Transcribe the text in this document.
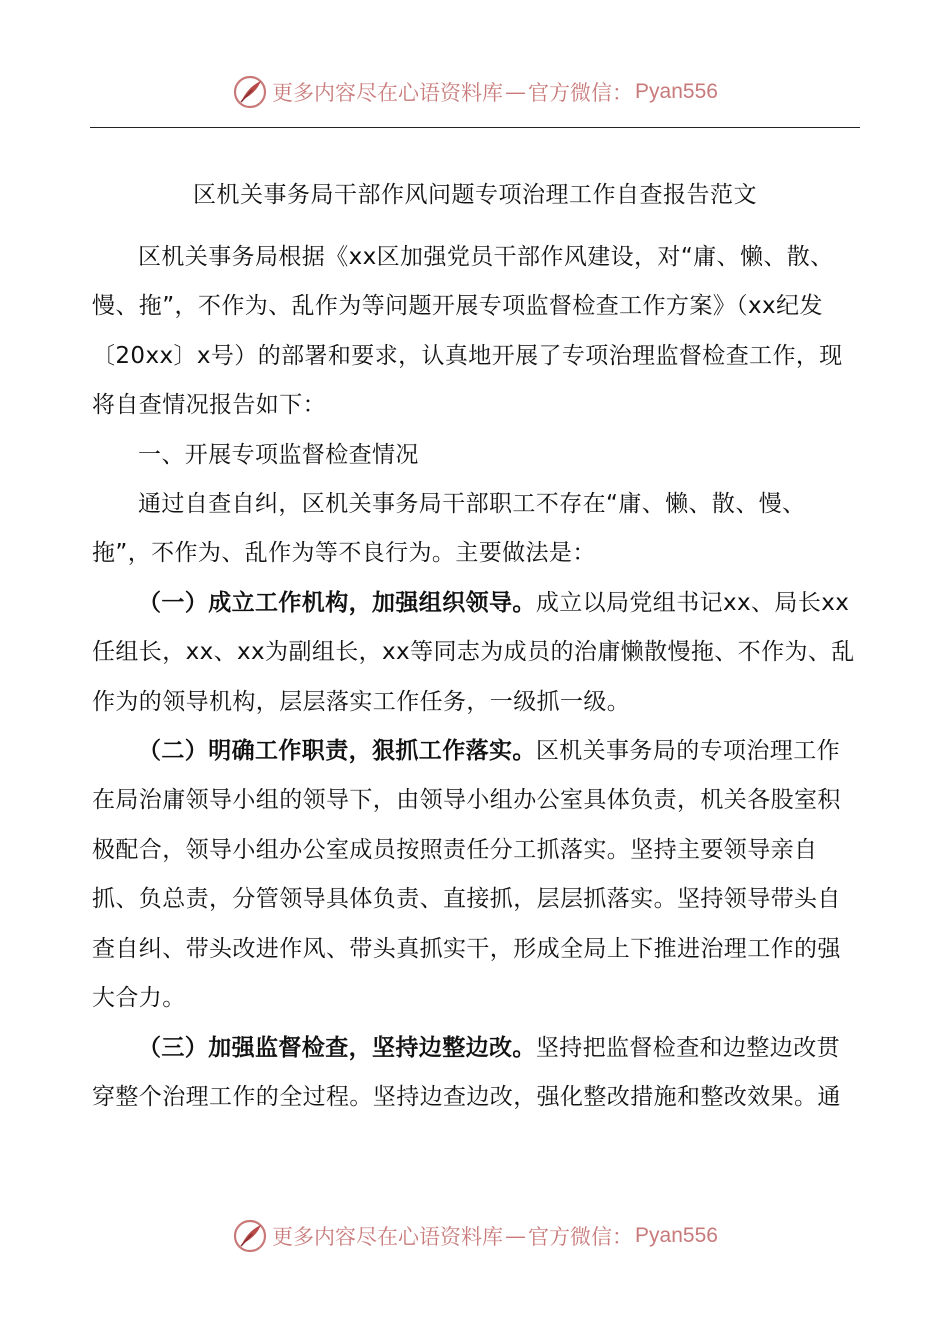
更多内容尽在心语资料库 — 官方微信： Pyan556
区机关事务局干部作风问题专项治理工作自查报告范文

区机关事务局根据《xx区加强党员干部作风建设，对“庸、懒、散、慢、拖”，不作为、乱作为等问题开展专项监督检查工作方案》（xx纪发〔20xx〕x号）的部署和要求，认真地开展了专项治理监督检查工作，现将自查情况报告如下：

一、开展专项监督检查情况

通过自查自纠，区机关事务局干部职工不存在“庸、懒、散、慢、拖”，不作为、乱作为等不良行为。主要做法是：

（一）成立工作机构，加强组织领导。成立以局党组书记xx、局长xx任组长，xx、xx为副组长，xx等同志为成员的治庸懒散慢拖、不作为、乱作为的领导机构，层层落实工作任务，一级抓一级。

（二）明确工作职责，狠抓工作落实。区机关事务局的专项治理工作在局治庸领导小组的领导下，由领导小组办公室具体负责，机关各股室积极配合，领导小组办公室成员按照责任分工抓落实。坚持主要领导亲自抓、负总责，分管领导具体负责、直接抓，层层抓落实。坚持领导带头自查自纠、带头改进作风、带头真抓实干，形成全局上下推进治理工作的强大合力。

（三）加强监督检查，坚持边整边改。坚持把监督检查和边整边改贯穿整个治理工作的全过程。坚持边查边改，强化整改措施和整改效果。通

更多内容尽在心语资料库 — 官方微信： Pyan556
